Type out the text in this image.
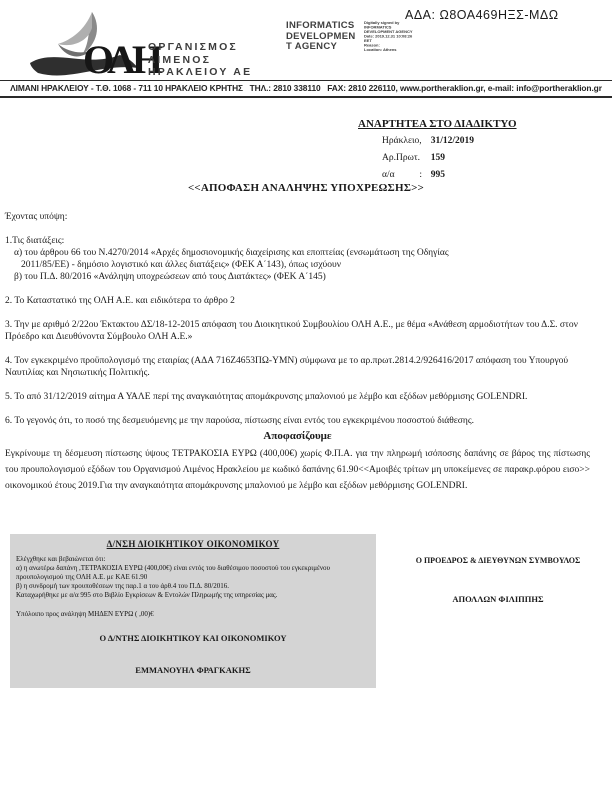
ΑΔΑ: Ω8ΟΑ469ΗΞΣ-ΜΔΩ
ΟΛΗ
ΟΡΓΑΝΙΣΜΟΣ
ΛΙΜΕΝΟΣ
ΗΡΑΚΛΕΙΟΥ ΑΕ
INFORMATICS
DEVELOPMEN
T AGENCY
Digitally signed by
INFORMATICS
DEVELOPMENT AGENCY
Date: 2019.12.31 10:08:26
EET
Reason:
Location: Athens
ΛΙΜΑΝΙ ΗΡΑΚΛΕΙΟΥ - Τ.Θ. 1068 - 711 10 ΗΡΑΚΛΕΙΟ ΚΡΗΤΗΣ   ΤΗΛ.: 2810 338110   FAX: 2810 226110, www.portheraklion.gr, e-mail: info@portheraklion.gr
ΑΝΑΡΤΗΤΕΑ ΣΤΟ ΔΙΑΔΙΚΤΥΟ
Ηράκλειο, 31/12/2019
Αρ.Πρωτ. 159
α/α	: 995
<<ΑΠΟΦΑΣΗ ΑΝΑΛΗΨΗΣ ΥΠΟΧΡΕΩΣΗΣ>>

Έχοντας υπόψη:

1.Τις διατάξεις:

α) του άρθρου 66 του Ν.4270/2014 «Αρχές δημοσιονομικής διαχείρισης και εποπτείας (ενσωμάτωση της Οδηγίας

2011/85/ΕΕ) - δημόσιο λογιστικό και άλλες διατάξεις» (ΦΕΚ Α΄143), όπως ισχύουν

β) του Π.Δ. 80/2016 «Ανάληψη υποχρεώσεων από τους Διατάκτες» (ΦΕΚ Α΄145)

2. Το Καταστατικό της ΟΛΗ Α.Ε. και ειδικότερα το άρθρο 2

3. Την με αριθμό 2/22ου Έκτακτου ΔΣ/18-12-2015 απόφαση του Διοικητικού Συμβουλίου ΟΛΗ Α.Ε., με θέμα «Ανάθεση αρμοδιοτήτων του Δ.Σ. στον Πρόεδρο και Διευθύνοντα Σύμβουλο ΟΛΗ Α.Ε.»

4. Τον εγκεκριμένο προϋπολογισμό της εταιρίας (ΑΔΑ 716Ζ4653ΠΩ-ΥΜΝ) σύμφωνα με το αρ.πρωτ.2814.2/926416/2017 απόφαση του Υπουργού Ναυτιλίας και Νησιωτικής Πολιτικής.

5. Το από 31/12/2019 αίτημα Α ΥΑΛΕ περί της αναγκαιότητας απομάκρυνσης μπαλονιού με λέμβο και εξόδων μεθόρμισης GOLENDRI.

6. Το γεγονός ότι, το ποσό της δεσμευόμενης με την παρούσα, πίστωσης είναι εντός του εγκεκριμένου ποσοστού διάθεσης.

Αποφασίζουμε

Εγκρίνουμε τη δέσμευση πίστωσης ύψους ΤΕΤΡΑΚΟΣΙΑ ΕΥΡΩ (400,00€) χωρίς Φ.Π.Α. για την πληρωμή ισόποσης δαπάνης σε βάρος της πίστωσης του προυπολογισμού εξόδων του Οργανισμού Λιμένος Ηρακλείου με κωδικό δαπάνης 61.90<<Αμοιβές τρίτων μη υποκείμενες σε παρακρ.φόρου εισο>> οικονομικού έτους 2019.Για την αναγκαιότητα απομάκρυνσης μπαλονιού με λέμβο και εξόδων μεθόρμισης GOLENDRI.

Δ/ΝΣΗ ΔΙΟΙΚΗΤΙΚΟΥ ΟΙΚΟΝΟΜΙΚΟΥ
Ελέγχθηκε και βεβαιώνεται ότι:
α) η ανωτέρω δαπάνη ,ΤΕΤΡΑΚΟΣΙΑ ΕΥΡΩ (400,00€) είναι εντός του διαθέσιμου ποσοστού του εγκεκριμένου
προυπολογισμού της ΟΛΗ Α.Ε. με ΚΑΕ 61.90
β) η συνδρομή των προυποθέσεων της παρ.1 α του άρθ.4 του Π.Δ. 80/2016.
Καταχωρήθηκε με α/α 995 στο Βιβλίο Εγκρίσεων & Εντολών Πληρωμής της υπηρεσίας μας.
Υπόλοιπο προς ανάληψη ΜΗΔΕΝ ΕΥΡΩ ( ,00)€
Ο Δ/ΝΤΗΣ ΔΙΟΙΚΗΤΙΚΟΥ ΚΑΙ ΟΙΚΟΝΟΜΙΚΟΥ
ΕΜΜΑΝΟΥΗΛ ΦΡΑΓΚΑΚΗΣ
Ο ΠΡΟΕΔΡΟΣ & ΔΙΕΥΘΥΝΩΝ ΣΥΜΒΟΥΛΟΣ
ΑΠΟΛΛΩΝ ΦΙΛΙΠΠΗΣ
